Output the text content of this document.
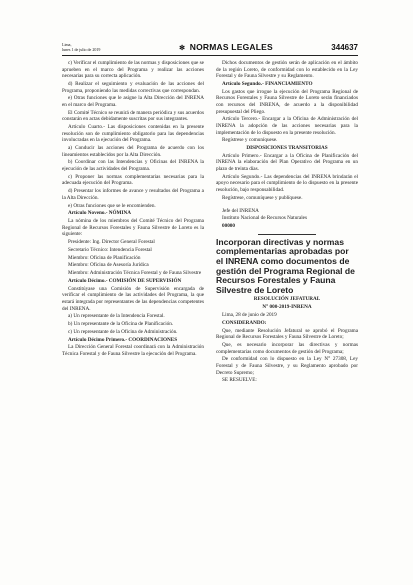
Lima,
lunes 1 de julio de 2019	✻ NORMAS LEGALES	344637

c) Verificar el cumplimiento de las normas y disposiciones que se aprueben en el marco del Programa y realizar las acciones necesarias para su correcta aplicación.

d) Realizar el seguimiento y evaluación de las acciones del Programa, proponiendo las medidas correctivas que correspondan.

e) Otras funciones que le asigne la Alta Dirección del INRENA en el marco del Programa.

El Comité Técnico se reunirá de manera periódica y sus acuerdos constarán en actas debidamente suscritas por sus integrantes.

Artículo Cuarto.- Las disposiciones contenidas en la presente resolución son de cumplimiento obligatorio para las dependencias involucradas en la ejecución del Programa.

a) Conducir las acciones del Programa de acuerdo con los lineamientos establecidos por la Alta Dirección.

b) Coordinar con las Intendencias y Oficinas del INRENA la ejecución de las actividades del Programa.

c) Proponer las normas complementarias necesarias para la adecuada ejecución del Programa.

d) Presentar los informes de avance y resultados del Programa a la Alta Dirección.

e) Otras funciones que se le encomienden.

Artículo Noveno.- NÓMINA

La nómina de los miembros del Comité Técnico del Programa Regional de Recursos Forestales y Fauna Silvestre de Loreto es la siguiente:

Presidente: Ing. Director General Forestal

Secretario Técnico: Intendencia Forestal

Miembro: Oficina de Planificación

Miembro: Oficina de Asesoría Jurídica

Miembro: Administración Técnica Forestal y de Fauna Silvestre

Artículo Décimo.- COMISIÓN DE SUPERVISIÓN

Constitúyase una Comisión de Supervisión encargada de verificar el cumplimiento de las actividades del Programa, la que estará integrada por representantes de las dependencias competentes del INRENA.

a) Un representante de la Intendencia Forestal.

b) Un representante de la Oficina de Planificación.

c) Un representante de la Oficina de Administración.

Artículo Décimo Primero.- COORDINACIONES

La Dirección General Forestal coordinará con la Administración Técnica Forestal y de Fauna Silvestre la ejecución del Programa.

Dichos documentos de gestión serán de aplicación en el ámbito de la región Loreto, de conformidad con lo establecido en la Ley Forestal y de Fauna Silvestre y su Reglamento.

Artículo Segundo.- FINANCIAMIENTO

Los gastos que irrogue la ejecución del Programa Regional de Recursos Forestales y Fauna Silvestre de Loreto serán financiados con recursos del INRENA, de acuerdo a la disponibilidad presupuestal del Pliego.

Artículo Tercero.- Encargar a la Oficina de Administración del INRENA la adopción de las acciones necesarias para la implementación de lo dispuesto en la presente resolución.

Regístrese y comuníquese.

DISPOSICIONES TRANSITORIAS

Artículo Primero.- Encargar a la Oficina de Planificación del INRENA la elaboración del Plan Operativo del Programa en un plazo de treinta días.

Artículo Segundo.- Las dependencias del INRENA brindarán el apoyo necesario para el cumplimiento de lo dispuesto en la presente resolución, bajo responsabilidad.

Regístrese, comuníquese y publíquese.

Jefe del INRENA

Instituto Nacional de Recursos Naturales

00000

Incorporan directivas y normas complementarias aprobadas por el INRENA como documentos de gestión del Programa Regional de Recursos Forestales y Fauna Silvestre de Loreto

RESOLUCIÓN JEFATURAL

N° 000-2019-INRENA

Lima, 28 de junio de 2019

CONSIDERANDO:

Que, mediante Resolución Jefatural se aprobó el Programa Regional de Recursos Forestales y Fauna Silvestre de Loreto;

Que, es necesario incorporar las directivas y normas complementarias como documentos de gestión del Programa;

De conformidad con lo dispuesto en la Ley N° 27308, Ley Forestal y de Fauna Silvestre, y su Reglamento aprobado por Decreto Supremo;

SE RESUELVE:
